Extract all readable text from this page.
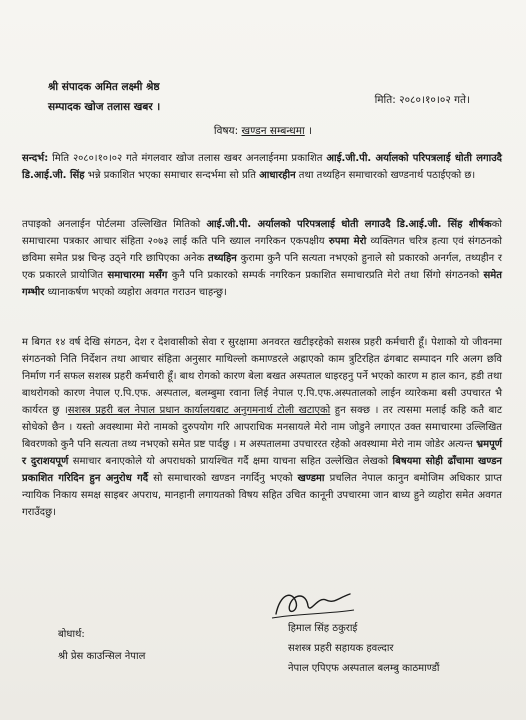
श्री संपादक अमित लक्ष्मी श्रेष्ठ
सम्पादक खोज तलास खबर ।
मिति: २०८०।१०।०२ गते।
विषय: खण्डन सम्बन्धमा ।
सन्दर्भ: मिति २०८०।१०।०२ गते मंगलवार खोज तलास खबर अनलाईनमा प्रकाशित आई.जी.पी. अर्यालको परिपत्रलाई धोती लगाउदै डि.आई.जी. सिंह भन्ने प्रकाशित भएका समाचार सन्दर्भमा सो प्रति आधारहीन तथा तथ्यहिन समाचारको खण्डनार्थ पठाईएको छ।
तपाइको अनलाईन पोर्टलमा उल्लिखित मितिको आई.जी.पी. अर्यालको परिपत्रलाई धोती लगाउदै डि.आई.जी. सिंह शीर्षकको समाचारमा पत्रकार आचार संहिता २०७३ लाई कति पनि ख्याल नगरिकन एकपक्षीय रुपमा मेरो व्यक्तिगत चरित्र हत्या एवं संगठनको छविमा समेत प्रश्न चिन्ह उठ्ने गरि छापिएका अनेक तथ्यहिन कुरामा कुनै पनि सत्यता नभएको हुनाले सो प्रकारको अनर्गल, तथ्यहीन र एक प्रकारले प्रायोजित समाचारमा मसँग कुनै पनि प्रकारको सम्पर्क नगरिकन प्रकाशित समाचारप्रति मेरो तथा सिंगो संगठनको समेत गम्भीर ध्यानाकर्षण भएको व्यहोरा अवगत गराउन चाहन्छु।
म बिगत १४ वर्ष देखि संगठन, देश र देशवासीको सेवा र सुरक्षामा अनवरत खटीइरहेको सशस्त्र प्रहरी कर्मचारी हूँ। पेशाको यो जीवनमा संगठनको निति निर्देशन तथा आचार संहिता अनुसार माथिल्लो कमाण्डरले अह्राएको काम त्रुटिरहित ढंगबाट सम्पादन गरि अलग छवि निर्माण गर्न सफल सशस्त्र प्रहरी कर्मचारी हूँ। बाथ रोगको कारण बेला बखत अस्पताल धाइरहनु पर्ने भएको कारण म हाल कान, हडी तथा बाथरोगको कारण नेपाल ए.पि.एफ. अस्पताल, बलम्बुमा रवाना लिई नेपाल ए.पि.एफ.अस्पतालको लाईन व्यारेकमा बसी उपचारत भै कार्यरत छु ।सशस्त्र प्रहरी बल नेपाल प्रधान कार्यालयबाट अनुगमनार्थ टोली खटाएको हुन सक्छ । तर त्यसमा मलाई कहि कतै बाट सोधेको छैन । यस्तो अवस्थामा मेरो नामको दुरुपयोग गरि आपराधिक मनसायले मेरो नाम जोडुने लगाएत उक्त समाचारमा उल्लिखित बिवरणको कुनै पनि सत्यता तथ्य नभएको समेत प्रष्ट पार्दछु । म अस्पतालमा उपचाररत रहेको अवस्थामा मेरो नाम जोडेर अत्यन्त भ्रमपूर्ण र दुराशयपूर्ण समाचार बनाएकोले यो अपराधको प्रायश्चित गर्दै क्षमा याचना सहित उल्लेखित लेखको बिषयमा सोही ढाँचामा खण्डन प्रकाशित गरिदिन हुन अनुरोध गर्दै सो समाचारको खण्डन नगर्दिनु भएको खण्डमा प्रचलित नेपाल कानुन बमोजिम अधिकार प्राप्त न्यायिक निकाय समक्ष साइबर अपराध, मानहानी लगायतको विषय सहित उचित कानूनी उपचारमा जान बाध्य हुने व्यहोरा समेत अवगत गराउँदछु।
हिमाल सिंह ठकुराई
सशस्त्र प्रहरी सहायक हवल्दार
नेपाल एपिएफ अस्पताल बलम्बु काठमाण्डौं
बोधार्थ:
श्री प्रेस काउन्सिल नेपाल
